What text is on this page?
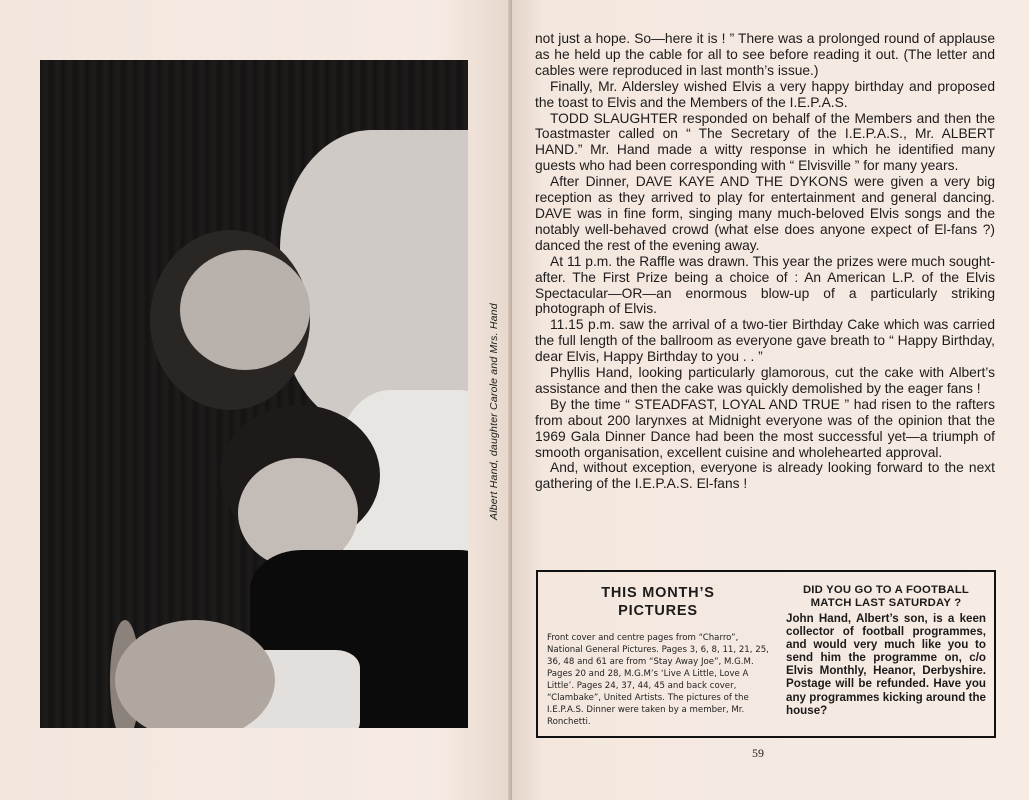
Albert Hand, daughter Carole and Mrs. Hand

not just a hope. So—here it is ! ” There was a prolonged round of applause as he held up the cable for all to see before reading it out. (The letter and cables were reproduced in last month’s issue.)

Finally, Mr. Aldersley wished Elvis a very happy birthday and proposed the toast to Elvis and the Members of the I.E.P.A.S.

TODD SLAUGHTER responded on behalf of the Members and then the Toastmaster called on “ The Secretary of the I.E.P.A.S., Mr. ALBERT HAND.” Mr. Hand made a witty response in which he identified many guests who had been corresponding with “ Elvisville ” for many years.

After Dinner, DAVE KAYE AND THE DYKONS were given a very big reception as they arrived to play for entertainment and general dancing. DAVE was in fine form, singing many much-beloved Elvis songs and the notably well-behaved crowd (what else does anyone expect of El-fans ?) danced the rest of the evening away.

At 11 p.m. the Raffle was drawn. This year the prizes were much sought-after. The First Prize being a choice of : An American L.P. of the Elvis Spectacular—OR—an enormous blow-up of a particularly striking photograph of Elvis.

11.15 p.m. saw the arrival of a two-tier Birthday Cake which was carried the full length of the ballroom as everyone gave breath to “ Happy Birthday, dear Elvis, Happy Birthday to you . . ”

Phyllis Hand, looking particularly glamorous, cut the cake with Albert’s assistance and then the cake was quickly demolished by the eager fans !

By the time “ STEADFAST, LOYAL AND TRUE ” had risen to the rafters from about 200 larynxes at Midnight everyone was of the opinion that the 1969 Gala Dinner Dance had been the most successful yet—a triumph of smooth organisation, excellent cuisine and wholehearted approval.

And, without exception, everyone is already looking forward to the next gathering of the I.E.P.A.S. El-fans !

THIS MONTH’S
PICTURES
Front cover and centre pages from “Charro”, National General Pictures. Pages 3, 6, 8, 11, 21, 25, 36, 48 and 61 are from “Stay Away Joe”, M.G.M. Pages 20 and 28, M.G.M’s ‘Live A Little, Love A Little’. Pages 24, 37, 44, 45 and back cover, “Clambake”, United Artists. The pictures of the I.E.P.A.S. Dinner were taken by a member, Mr. Ronchetti.
DID YOU GO TO A FOOTBALL MATCH LAST SATURDAY ?
John Hand, Albert’s son, is a keen collector of football programmes, and would very much like you to send him the programme on, c/o Elvis Monthly, Heanor, Derbyshire. Postage will be refunded. Have you any programmes kicking around the house?
59
